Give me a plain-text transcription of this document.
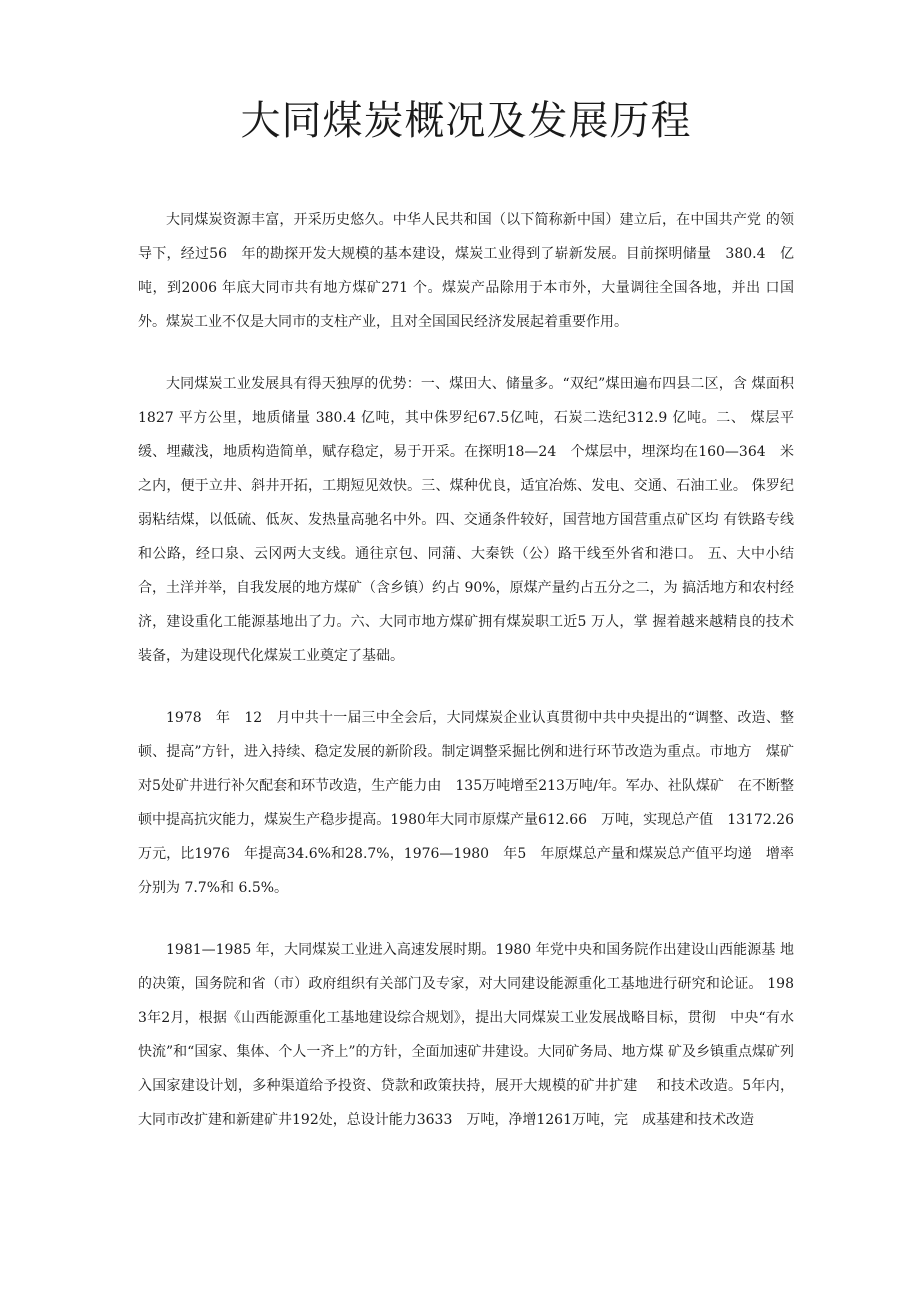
大同煤炭概况及发展历程

大同煤炭资源丰富，开采历史悠久。中华人民共和国（以下简称新中国）建立后，在中国共产党 的领导下，经过56　年的勘探开发大规模的基本建设，煤炭工业得到了崭新发展。目前探明储量　380.4　亿吨，到2006 年底大同市共有地方煤矿271 个。煤炭产品除用于本市外，大量调往全国各地，并出 口国外。煤炭工业不仅是大同市的支柱产业，且对全国国民经济发展起着重要作用。

大同煤炭工业发展具有得天独厚的优势：一、煤田大、储量多。“双纪”煤田遍布四县二区，含 煤面积1827 平方公里，地质储量 380.4 亿吨，其中侏罗纪67.5亿吨，石炭二迭纪312.9 亿吨。二、 煤层平缓、埋藏浅，地质构造简单，赋存稳定，易于开采。在探明18—24　个煤层中，埋深均在160—364　米之内，便于立井、斜井开拓，工期短见效快。三、煤种优良，适宜冶炼、发电、交通、石油工业。 侏罗纪弱粘结煤，以低硫、低灰、发热量高驰名中外。四、交通条件较好，国营地方国营重点矿区均 有铁路专线和公路，经口泉、云冈两大支线。通往京包、同蒲、大秦铁（公）路干线至外省和港口。 五、大中小结合，土洋并举，自我发展的地方煤矿（含乡镇）约占 90%，原煤产量约占五分之二，为 搞活地方和农村经济，建设重化工能源基地出了力。六、大同市地方煤矿拥有煤炭职工近5 万人，掌 握着越来越精良的技术装备，为建设现代化煤炭工业奠定了基础。

1978　年　12　月中共十一届三中全会后，大同煤炭企业认真贯彻中共中央提出的“调整、改造、整顿、提高”方针，进入持续、稳定发展的新阶段。制定调整采掘比例和进行环节改造为重点。市地方　煤矿对5处矿井进行补欠配套和环节改造，生产能力由　135万吨增至213万吨/年。军办、社队煤矿　在不断整顿中提高抗灾能力，煤炭生产稳步提高。1980年大同市原煤产量612.66　万吨，实现总产值　13172.26 万元，比1976　年提高34.6%和28.7%，1976—1980　年5　年原煤总产量和煤炭总产值平均递　增率分别为 7.7%和 6.5%。

1981—1985 年，大同煤炭工业进入高速发展时期。1980 年党中央和国务院作出建设山西能源基 地的决策，国务院和省（市）政府组织有关部门及专家，对大同建设能源重化工基地进行研究和论证。 1983年2月，根据《山西能源重化工基地建设综合规划》，提出大同煤炭工业发展战略目标，贯彻　中央“有水快流”和“国家、集体、个人一齐上”的方针，全面加速矿井建设。大同矿务局、地方煤 矿及乡镇重点煤矿列入国家建设计划，多种渠道给予投资、贷款和政策扶持，展开大规模的矿井扩建　 和技术改造。5年内，大同市改扩建和新建矿井192处，总设计能力3633　万吨，净增1261万吨，完　成基建和技术改造
